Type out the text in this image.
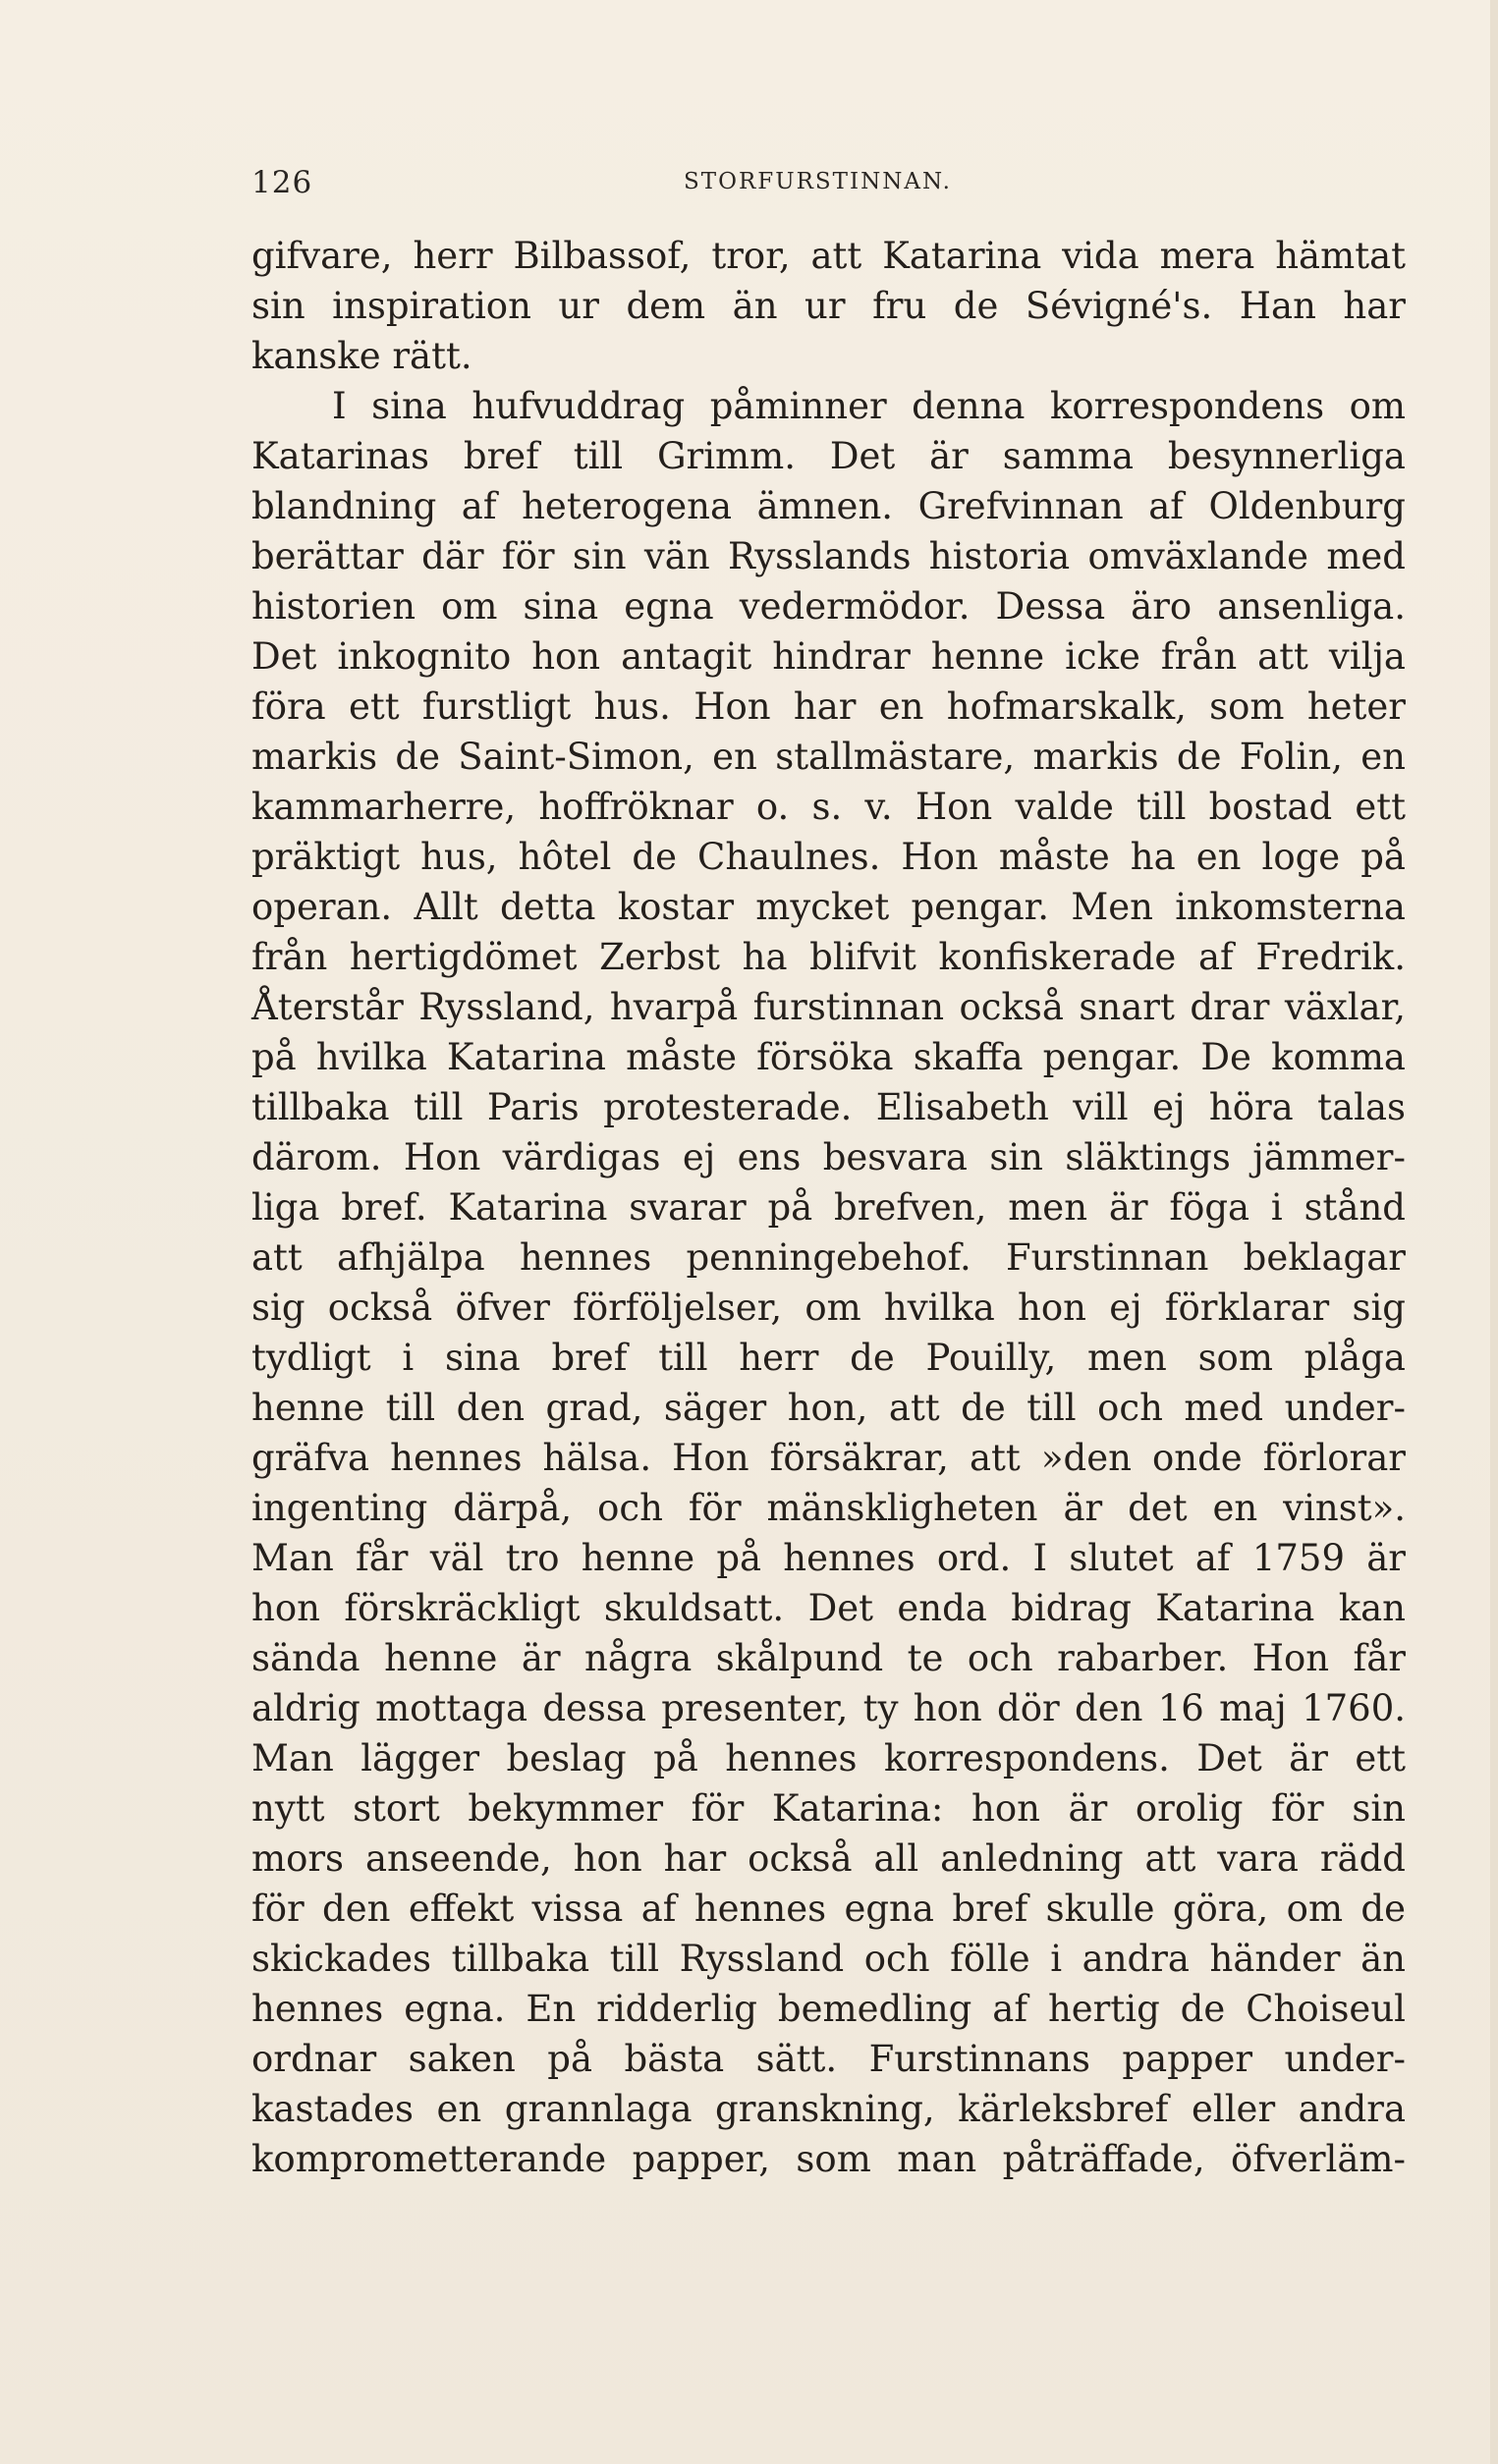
126	STORFURSTINNAN.
gifvare, herr Bilbassof, tror, att Katarina vida mera hämtat
sin inspiration ur dem än ur fru de Sévigné's. Han har
kanske rätt.
I sina hufvuddrag påminner denna korrespondens om
Katarinas bref till Grimm. Det är samma besynnerliga
blandning af heterogena ämnen. Grefvinnan af Oldenburg
berättar där för sin vän Rysslands historia omväxlande med
historien om sina egna vedermödor. Dessa äro ansenliga.
Det inkognito hon antagit hindrar henne icke från att vilja
föra ett furstligt hus. Hon har en hofmarskalk, som heter
markis de Saint-Simon, en stallmästare, markis de Folin, en
kammarherre, hoffröknar o. s. v. Hon valde till bostad ett
präktigt hus, hôtel de Chaulnes. Hon måste ha en loge på
operan. Allt detta kostar mycket pengar. Men inkomsterna
från hertigdömet Zerbst ha blifvit konfiskerade af Fredrik.
Återstår Ryssland, hvarpå furstinnan också snart drar växlar,
på hvilka Katarina måste försöka skaffa pengar. De komma
tillbaka till Paris protesterade. Elisabeth vill ej höra talas
därom. Hon värdigas ej ens besvara sin släktings jämmer-
liga bref. Katarina svarar på brefven, men är föga i stånd
att afhjälpa hennes penningebehof. Furstinnan beklagar
sig också öfver förföljelser, om hvilka hon ej förklarar sig
tydligt i sina bref till herr de Pouilly, men som plåga
henne till den grad, säger hon, att de till och med under-
gräfva hennes hälsa. Hon försäkrar, att »den onde förlorar
ingenting därpå, och för mänskligheten är det en vinst».
Man får väl tro henne på hennes ord. I slutet af 1759 är
hon förskräckligt skuldsatt. Det enda bidrag Katarina kan
sända henne är några skålpund te och rabarber. Hon får
aldrig mottaga dessa presenter, ty hon dör den 16 maj 1760.
Man lägger beslag på hennes korrespondens. Det är ett
nytt stort bekymmer för Katarina: hon är orolig för sin
mors anseende, hon har också all anledning att vara rädd
för den effekt vissa af hennes egna bref skulle göra, om de
skickades tillbaka till Ryssland och fölle i andra händer än
hennes egna. En ridderlig bemedling af hertig de Choiseul
ordnar saken på bästa sätt. Furstinnans papper under-
kastades en grannlaga granskning, kärleksbref eller andra
komprometterande papper, som man påträffade, öfverläm-
